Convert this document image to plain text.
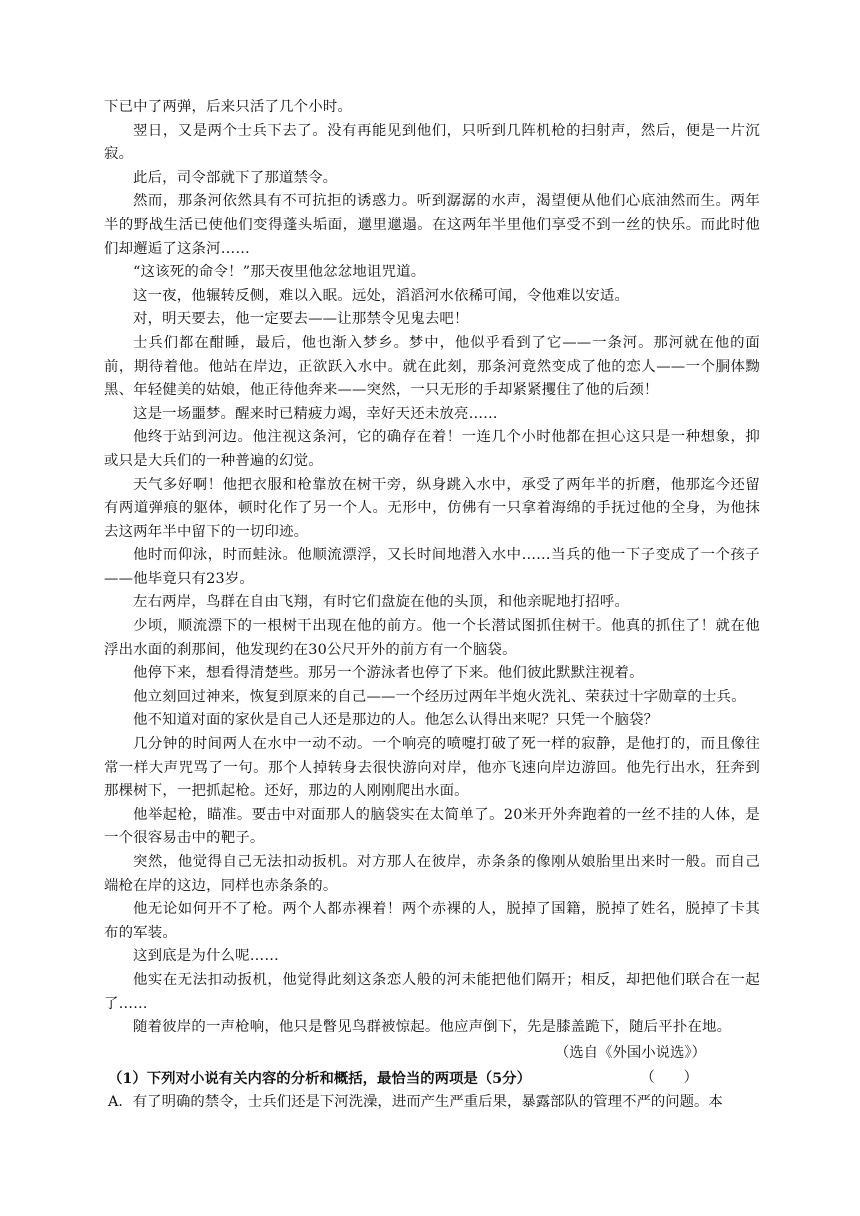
下已中了两弹，后来只活了几个小时。

翌日，又是两个士兵下去了。没有再能见到他们，只听到几阵机枪的扫射声，然后，便是一片沉寂。

此后，司令部就下了那道禁令。

然而，那条河依然具有不可抗拒的诱惑力。听到潺潺的水声，渴望便从他们心底油然而生。两年半的野战生活已使他们变得蓬头垢面，邋里邋遢。在这两年半里他们享受不到一丝的快乐。而此时他们却邂逅了这条河……

“这该死的命令！”那天夜里他忿忿地诅咒道。

这一夜，他辗转反侧，难以入眠。远处，滔滔河水依稀可闻，令他难以安适。

对，明天要去，他一定要去——让那禁令见鬼去吧！

士兵们都在酣睡，最后，他也渐入梦乡。梦中，他似乎看到了它——一条河。那河就在他的面前，期待着他。他站在岸边，正欲跃入水中。就在此刻，那条河竟然变成了他的恋人——一个胴体黝黑、年轻健美的姑娘，他正待他奔来——突然，一只无形的手却紧紧攫住了他的后颈！

这是一场噩梦。醒来时已精疲力竭，幸好天还未放亮……

他终于站到河边。他注视这条河，它的确存在着！一连几个小时他都在担心这只是一种想象，抑或只是大兵们的一种普遍的幻觉。

天气多好啊！他把衣服和枪靠放在树干旁，纵身跳入水中，承受了两年半的折磨，他那迄今还留有两道弹痕的躯体，顿时化作了另一个人。无形中，仿佛有一只拿着海绵的手抚过他的全身，为他抹去这两年半中留下的一切印迹。

他时而仰泳，时而蛙泳。他顺流漂浮，又长时间地潜入水中……当兵的他一下子变成了一个孩子——他毕竟只有23岁。

左右两岸，鸟群在自由飞翔，有时它们盘旋在他的头顶，和他亲昵地打招呼。

少顷，顺流漂下的一根树干出现在他的前方。他一个长潜试图抓住树干。他真的抓住了！就在他浮出水面的刹那间，他发现约在30公尺开外的前方有一个脑袋。

他停下来，想看得清楚些。那另一个游泳者也停了下来。他们彼此默默注视着。

他立刻回过神来，恢复到原来的自己——一个经历过两年半炮火洗礼、荣获过十字勋章的士兵。

他不知道对面的家伙是自己人还是那边的人。他怎么认得出来呢？只凭一个脑袋？

几分钟的时间两人在水中一动不动。一个响亮的喷嚏打破了死一样的寂静，是他打的，而且像往常一样大声咒骂了一句。那个人掉转身去很快游向对岸，他亦飞速向岸边游回。他先行出水，狂奔到那棵树下，一把抓起枪。还好，那边的人刚刚爬出水面。

他举起枪，瞄准。要击中对面那人的脑袋实在太简单了。20米开外奔跑着的一丝不挂的人体，是一个很容易击中的靶子。

突然，他觉得自己无法扣动扳机。对方那人在彼岸，赤条条的像刚从娘胎里出来时一般。而自己端枪在岸的这边，同样也赤条条的。

他无论如何开不了枪。两个人都赤裸着！两个赤裸的人，脱掉了国籍，脱掉了姓名，脱掉了卡其布的军装。

这到底是为什么呢……

他实在无法扣动扳机，他觉得此刻这条恋人般的河未能把他们隔开；相反，却把他们联合在一起了……

随着彼岸的一声枪响，他只是瞥见鸟群被惊起。他应声倒下，先是膝盖跪下，随后平扑在地。

（选自《外国小说选》）
（1）下列对小说有关内容的分析和概括，最恰当的两项是（5分）	（　　）

A．有了明确的禁令，士兵们还是下河洗澡，进而产生严重后果，暴露部队的管理不严的问题。本
